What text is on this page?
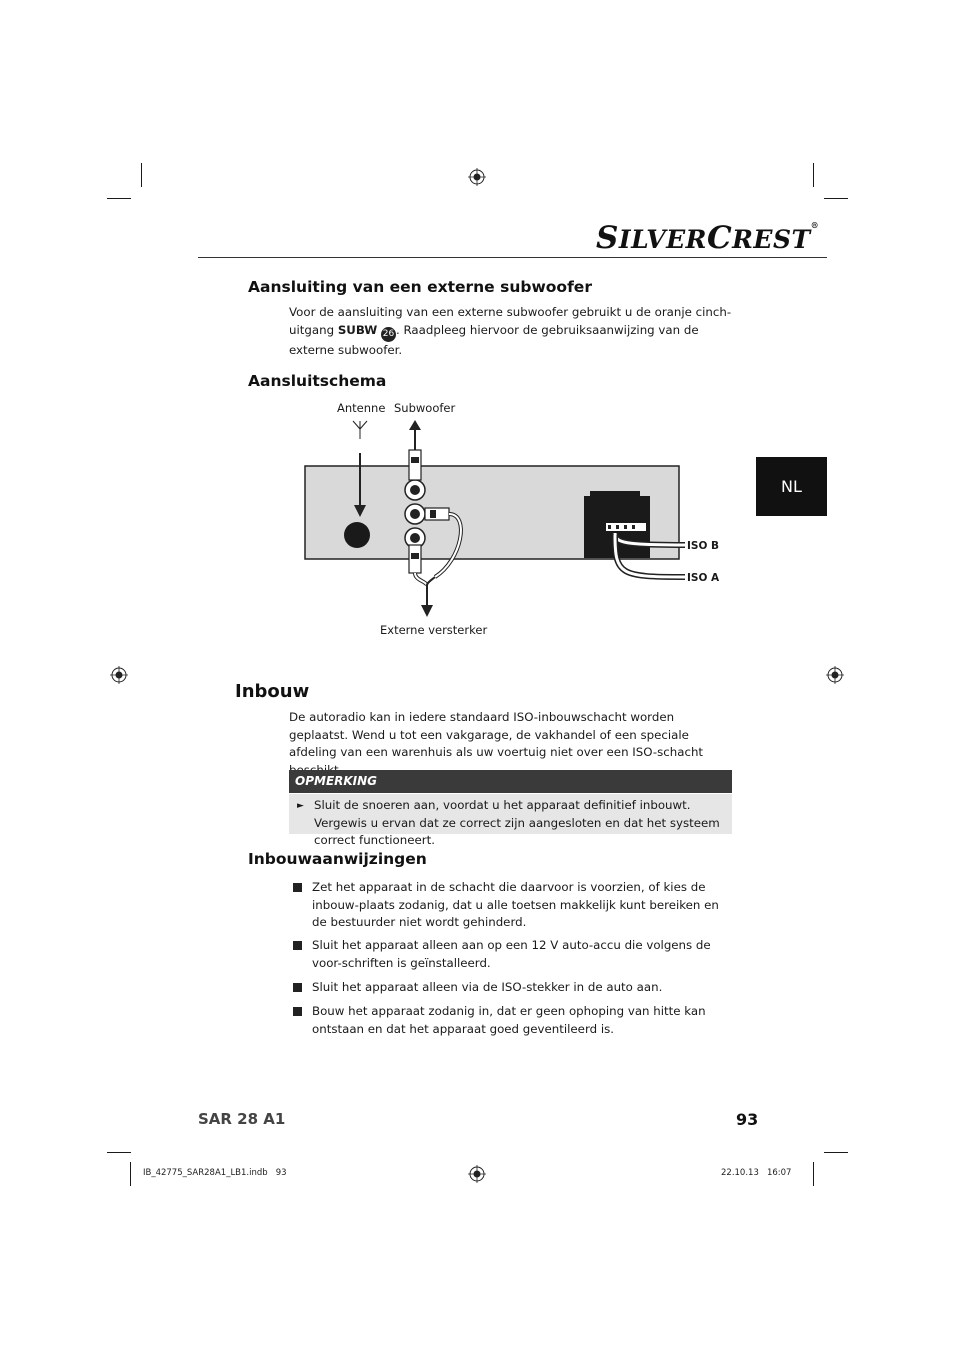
SILVERCREST®
Aansluiting van een externe subwoofer
Voor de aansluiting van een externe subwoofer gebruikt u de oranje cinch-uitgang SUBW 26 . Raadpleeg hiervoor de gebruiksaanwijzing van de externe subwoofer.
Aansluitschema
Antenne Subwoofer
Externe versterker
ISO B
ISO A
NL
Inbouw
De autoradio kan in iedere standaard ISO-inbouwschacht worden geplaatst. Wend u tot een vakgarage, de vakhandel of een speciale afdeling van een warenhuis als uw voertuig niet over een ISO-schacht
OPMERKING
► Sluit de snoeren aan, voordat u het apparaat definitief inbouwt. Vergewis u ervan dat ze correct zijn aangesloten en dat het systeem correct functioneert.
Inbouwaanwijzingen
Zet het apparaat in de schacht die daarvoor is voorzien, of kies de inbouw-plaats zodanig, dat u alle toetsen makkelijk kunt bereiken en de bestuurder niet wordt gehinderd.
Sluit het apparaat alleen aan op een 12 V auto-accu die volgens de voor-schriften is geïnstalleerd.
Sluit het apparaat alleen via de ISO-stekker in de auto aan.
Bouw het apparaat zodanig in, dat er geen ophoping van hitte kan ontstaan en dat het apparaat goed geventileerd is.
SAR 28 A1	93
IB_42775_SAR28A1_LB1.indb   93	22.10.13   16:07
